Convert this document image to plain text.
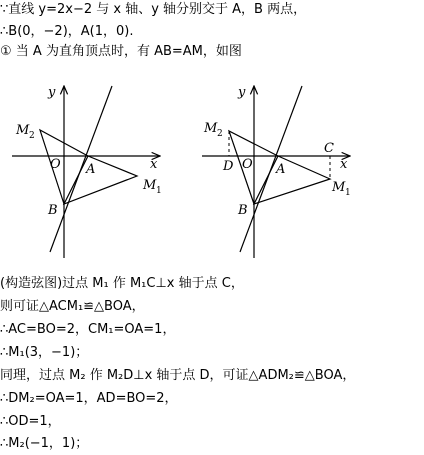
∵直线 y=2x−2 与 x 轴、y 轴分别交于 A，B 两点，
∴B(0，−2)，A(1，0).
① 当 A 为直角顶点时，有 AB=AM，如图
y
x
O A
B
M 1
M 2
y
x
O A
B
C
D
M 1
M 2
(构造弦图)过点 M₁ 作 M₁C⊥x 轴于点 C，
则可证△ACM₁≌△BOA，
∴AC=BO=2，CM₁=OA=1，
∴M₁(3，−1)；
同理，过点 M₂ 作 M₂D⊥x 轴于点 D，可证△ADM₂≌△BOA，
∴DM₂=OA=1，AD=BO=2，
∴OD=1，
∴M₂(−1，1)；
